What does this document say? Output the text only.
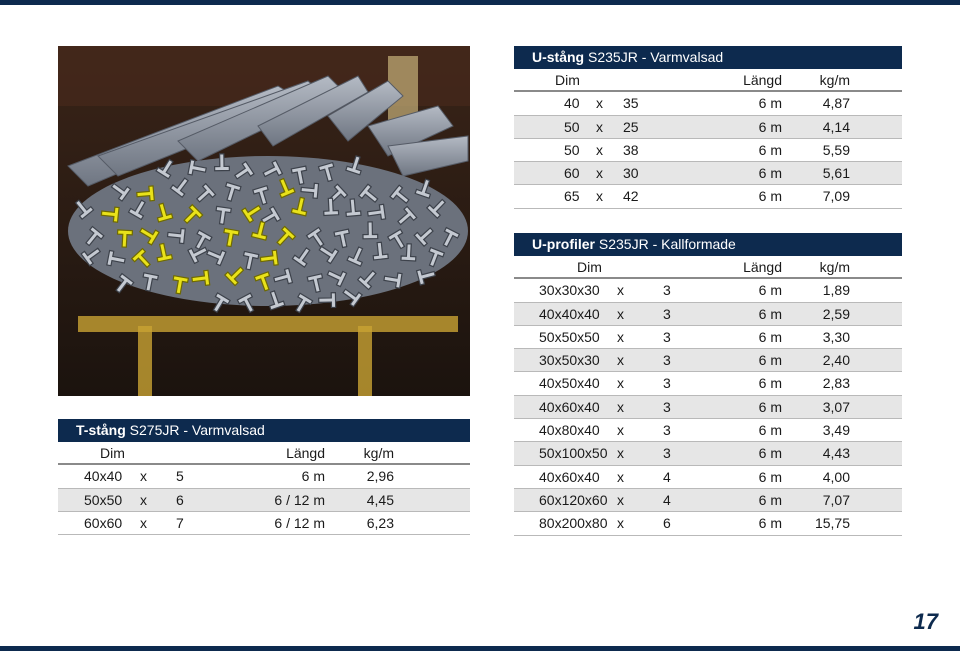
T-stång S275JR - Varmvalsad
Dim	Längd	kg/m
40x40 x 5	6 m	2,96
50x50 x 6	6 / 12 m	4,45
60x60 x 7	6 / 12 m	6,23
U-stång S235JR - Varmvalsad
Dim	Längd	kg/m
40 x 35	6 m	4,87
50 x 25	6 m	4,14
50 x 38	6 m	5,59
60 x 30	6 m	5,61
65 x 42	6 m	7,09
U-profiler S235JR - Kallformade
Dim	Längd	kg/m
30x30x30 x	3	6 m	1,89
40x40x40 x	3	6 m	2,59
50x50x50 x	3	6 m	3,30
30x50x30 x	3	6 m	2,40
40x50x40 x	3	6 m	2,83
40x60x40 x	3	6 m	3,07
40x80x40 x	3	6 m	3,49
50x100x50 x	3	6 m	4,43
40x60x40 x	4	6 m	4,00
60x120x60 x	4	6 m	7,07
80x200x80 x	6	6 m 15,75
17
